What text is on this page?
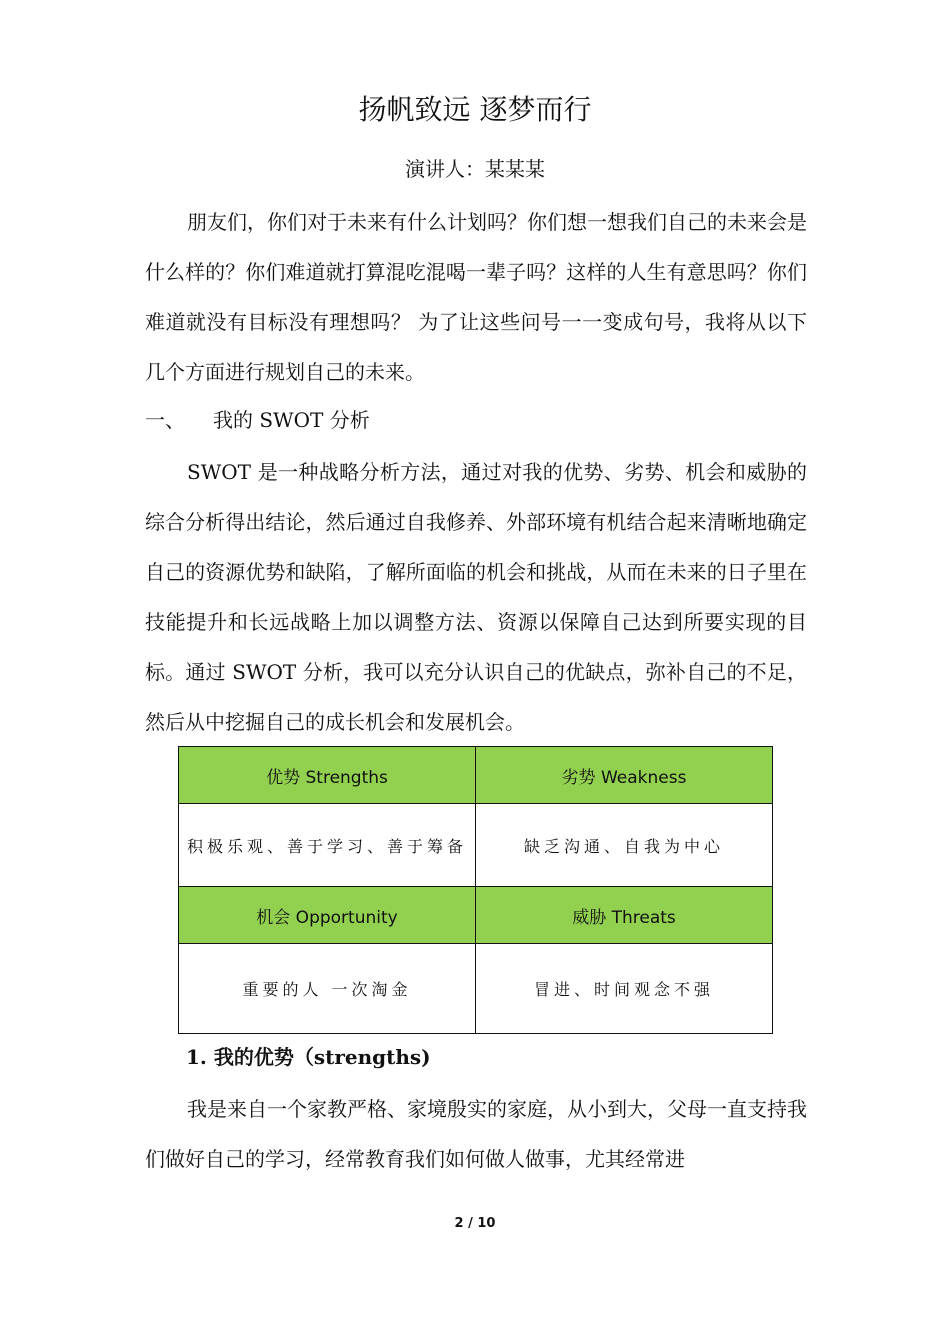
扬帆致远 逐梦而行
演讲人：某某某

朋友们，你们对于未来有什么计划吗？你们想一想我们自己的未来会是什么样的？你们难道就打算混吃混喝一辈子吗？这样的人生有意思吗？你们难道就没有目标没有理想吗？ 为了让这些问号一一变成句号，我将从以下几个方面进行规划自己的未来。

一、	我的 SWOT 分析

SWOT 是一种战略分析方法，通过对我的优势、劣势、机会和威胁的综合分析得出结论，然后通过自我修养、外部环境有机结合起来清晰地确定自己的资源优势和缺陷，了解所面临的机会和挑战，从而在未来的日子里在技能提升和长远战略上加以调整方法、资源以保障自己达到所要实现的目标。通过 SWOT 分析，我可以充分认识自己的优缺点，弥补自己的不足，然后从中挖掘自己的成长机会和发展机会。

优势 Strengths	劣势 Weakness
积极乐观、善于学习、善于筹备	缺乏沟通、自我为中心
机会 Opportunity	威胁 Threats
重要的人 一次淘金	冒进、时间观念不强
1. 我的优势（strengths)

我是来自一个家教严格、家境殷实的家庭，从小到大，父母一直支持我们做好自己的学习，经常教育我们如何做人做事，尤其经常进

2 / 10
